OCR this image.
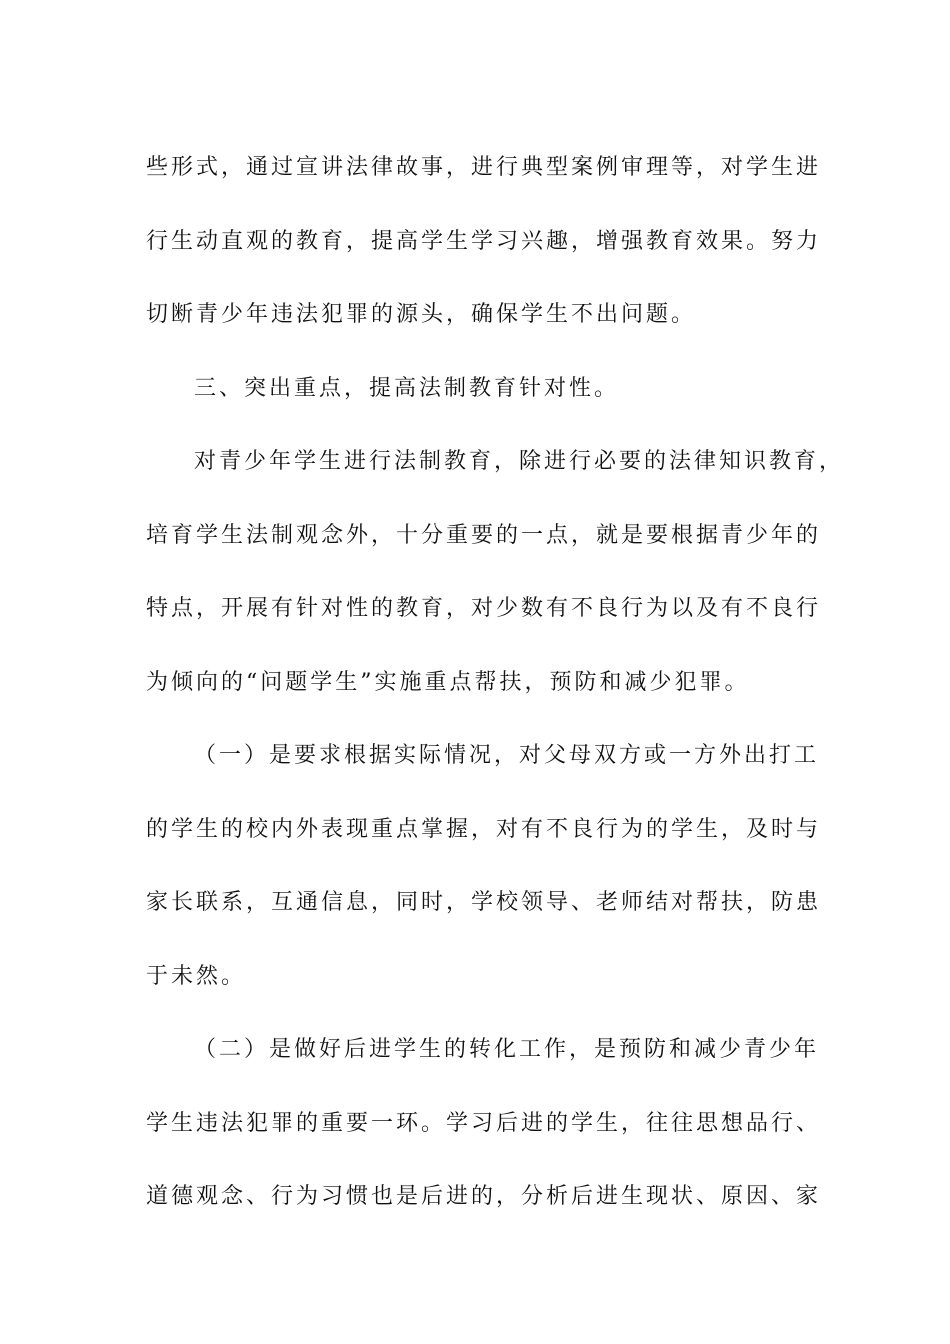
些形式，通过宣讲法律故事，进行典型案例审理等，对学生进
行生动直观的教育，提高学生学习兴趣，增强教育效果。努力
切断青少年违法犯罪的源头，确保学生不出问题。
三、突出重点，提高法制教育针对性。
对青少年学生进行法制教育，除进行必要的法律知识教育，
培育学生法制观念外，十分重要的一点，就是要根据青少年的
特点，开展有针对性的教育，对少数有不良行为以及有不良行
为倾向的“问题学生”实施重点帮扶，预防和减少犯罪。
（一）是要求根据实际情况，对父母双方或一方外出打工
的学生的校内外表现重点掌握，对有不良行为的学生，及时与
家长联系，互通信息，同时，学校领导、老师结对帮扶，防患
于未然。
（二）是做好后进学生的转化工作，是预防和减少青少年
学生违法犯罪的重要一环。学习后进的学生，往往思想品行、
道德观念、行为习惯也是后进的，分析后进生现状、原因、家
